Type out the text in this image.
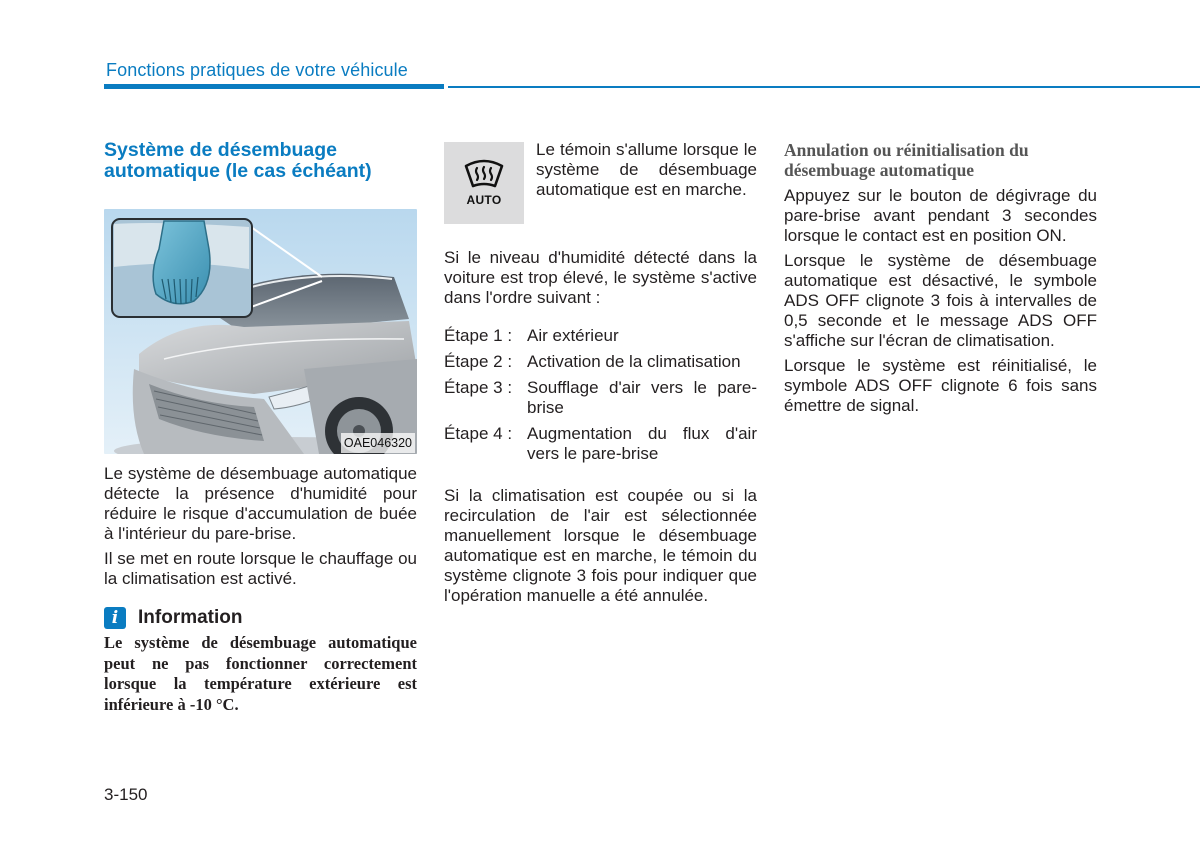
Fonctions pratiques de votre véhicule
Système de désembuage
automatique (le cas échéant)
OAE046320

Le système de désembuage automatique détecte la présence d'humidité pour réduire le risque d'accumulation de buée à l'intérieur du pare-brise.

Il se met en route lorsque le chauffage ou la climatisation est activé.

i	Information

Le système de désembuage automatique peut ne pas fonctionner correctement lorsque la température extérieure est inférieure à -10 °C.

AUTO
Le témoin s'allume lorsque le système de désembuage automatique est en marche.

Si le niveau d'humidité détecté dans la voiture est trop élevé, le système s'active dans l'ordre suivant :

Étape 1 : Air extérieur
Étape 2 : Activation de la climatisation
Étape 3 : Soufflage d'air vers le pare-brise
Étape 4 : Augmentation du flux d'air vers le pare-brise

Si la climatisation est coupée ou si la recirculation de l'air est sélectionnée manuellement lorsque le désembuage automatique est en marche, le témoin du système clignote 3 fois pour indiquer que l'opération manuelle a été annulée.

Annulation ou réinitialisation du désembuage automatique

Appuyez sur le bouton de dégivrage du pare-brise avant pendant 3 secondes lorsque le contact est en position ON.

Lorsque le système de désembuage automatique est désactivé, le symbole ADS OFF clignote 3 fois à intervalles de 0,5 seconde et le message ADS OFF s'affiche sur l'écran de climatisation.

Lorsque le système est réinitialisé, le symbole ADS OFF clignote 6 fois sans émettre de signal.

3-150
